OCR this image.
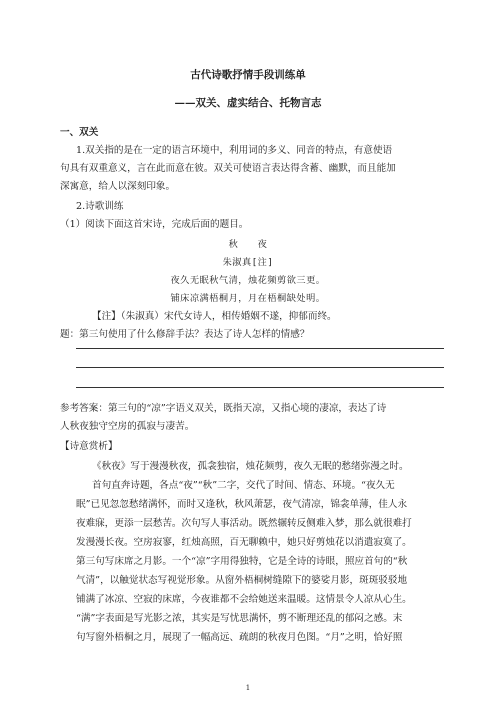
古代诗歌抒情手段训练单
——双关、虚实结合、托物言志
一、双关
1.双关指的是在一定的语言环境中，利用词的多义、同音的特点，有意使语
句具有双重意义，言在此而意在彼。双关可使语言表达得含蓄、幽默，而且能加
深寓意，给人以深刻印象。
2.诗歌训练
（1）阅读下面这首宋诗，完成后面的题目。
秋　　夜
朱淑真[注]
夜久无眠秋气清，烛花频剪欲三更。
铺床凉满梧桐月，月在梧桐缺处明。
【注】（朱淑真）宋代女诗人，相传婚姻不遂，抑郁而终。
题：第三句使用了什么修辞手法？表达了诗人怎样的情感？
参考答案：第三句的“凉”字语义双关，既指天凉，又指心境的凄凉，表达了诗
人秋夜独守空房的孤寂与凄苦。
【诗意赏析】
《秋夜》写于漫漫秋夜，孤衾独宿，烛花频剪，夜久无眠的愁绪弥漫之时。
首句直奔诗题，各点“夜”“秋”二字，交代了时间、情态、环境。“夜久无
眠”已见忽忽愁绪满怀，而时又逢秋，秋风萧瑟，夜气清凉，锦衾单薄，佳人永
夜难寐，更添一层愁苦。次句写人事活动。既然辗转反侧难入梦，那么就很难打
发漫漫长夜。空房寂寥，红烛高照，百无聊赖中，她只好剪烛花以消遣寂寞了。
第三句写床席之月影。一个“凉”字用得独特，它是全诗的诗眼，照应首句的“秋
气清”，以触觉状态写视觉形象。从窗外梧桐树缝隙下的婆娑月影，斑斑驳驳地
铺满了冰凉、空寂的床席，今夜谁都不会给她送来温暖。这情景令人凉从心生。
“满”字表面是写光影之浓，其实是写忧思满怀，剪不断理还乱的郁闷之感。末
句写窗外梧桐之月，展现了一幅高远、疏朗的秋夜月色图。“月”之明，恰好照
1
